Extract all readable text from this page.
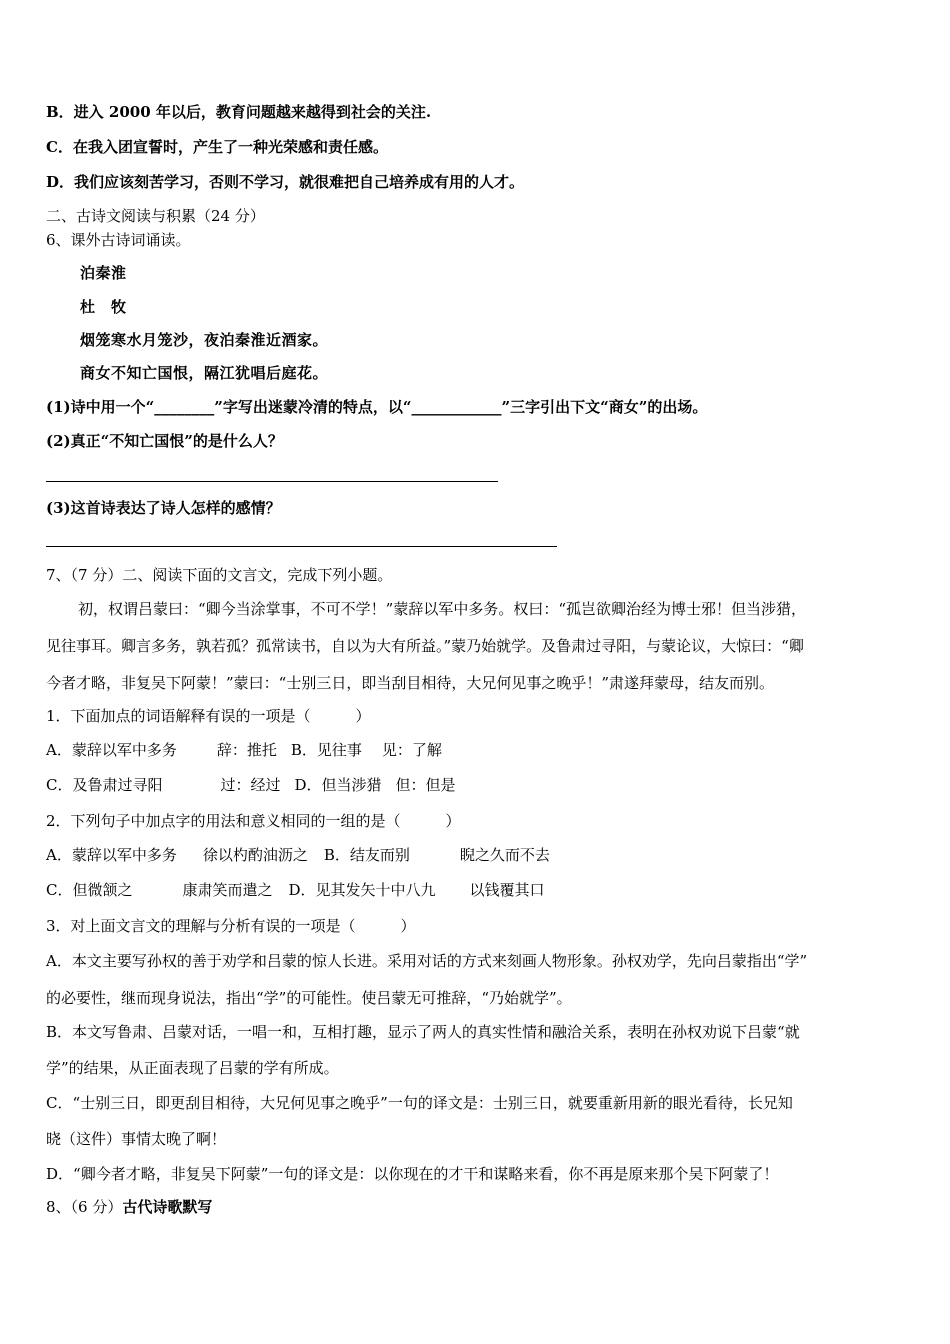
B．进入 2000 年以后，教育问题越来越得到社会的关注.
C．在我入团宣誓时，产生了一种光荣感和责任感。
D．我们应该刻苦学习，否则不学习，就很难把自己培养成有用的人才。
二、古诗文阅读与积累（24 分）
6、课外古诗词诵读。
泊秦淮
杜　牧
烟笼寒水月笼沙，夜泊秦淮近酒家。
商女不知亡国恨，隔江犹唱后庭花。
(1)诗中用一个“________”字写出迷蒙冷清的特点，以“____________”三字引出下文“商女”的出场。
(2)真正“不知亡国恨”的是什么人？
(3)这首诗表达了诗人怎样的感情？
7、（7 分）二、阅读下面的文言文，完成下列小题。
初，权谓吕蒙曰：“卿今当涂掌事，不可不学！”蒙辞以军中多务。权曰：“孤岂欲卿治经为博士邪！但当涉猎，
见往事耳。卿言多务，孰若孤？孤常读书，自以为大有所益。”蒙乃始就学。及鲁肃过寻阳，与蒙论议，大惊曰：“卿
今者才略，非复吴下阿蒙！”蒙曰：“士别三日，即当刮目相待，大兄何见事之晚乎！”肃遂拜蒙母，结友而别。
1．下面加点的词语解释有误的一项是（　　　）
A．蒙辞以军中多务	辞：推托 B．见往事 见：了解
C．及鲁肃过寻阳	过：经过 D．但当涉猎 但：但是
2．下列句子中加点字的用法和意义相同的一组的是（　　　）
A．蒙辞以军中多务 徐以杓酌油沥之 B．结友而别	睨之久而不去
C．但微颔之	康肃笑而遣之 D．见其发矢十中八九 以钱覆其口
3．对上面文言文的理解与分析有误的一项是（　　　）
A．本文主要写孙权的善于劝学和吕蒙的惊人长进。采用对话的方式来刻画人物形象。孙权劝学，先向吕蒙指出“学”
的必要性，继而现身说法，指出“学”的可能性。使吕蒙无可推辞，“乃始就学”。
B．本文写鲁肃、吕蒙对话，一唱一和，互相打趣，显示了两人的真实性情和融洽关系，表明在孙权劝说下吕蒙“就
学”的结果，从正面表现了吕蒙的学有所成。
C．“士别三日，即更刮目相待，大兄何见事之晚乎”一句的译文是：士别三日，就要重新用新的眼光看待，长兄知
晓（这件）事情太晚了啊！
D．“卿今者才略，非复吴下阿蒙”一句的译文是：以你现在的才干和谋略来看，你不再是原来那个吴下阿蒙了！
8、（6 分）古代诗歌默写
